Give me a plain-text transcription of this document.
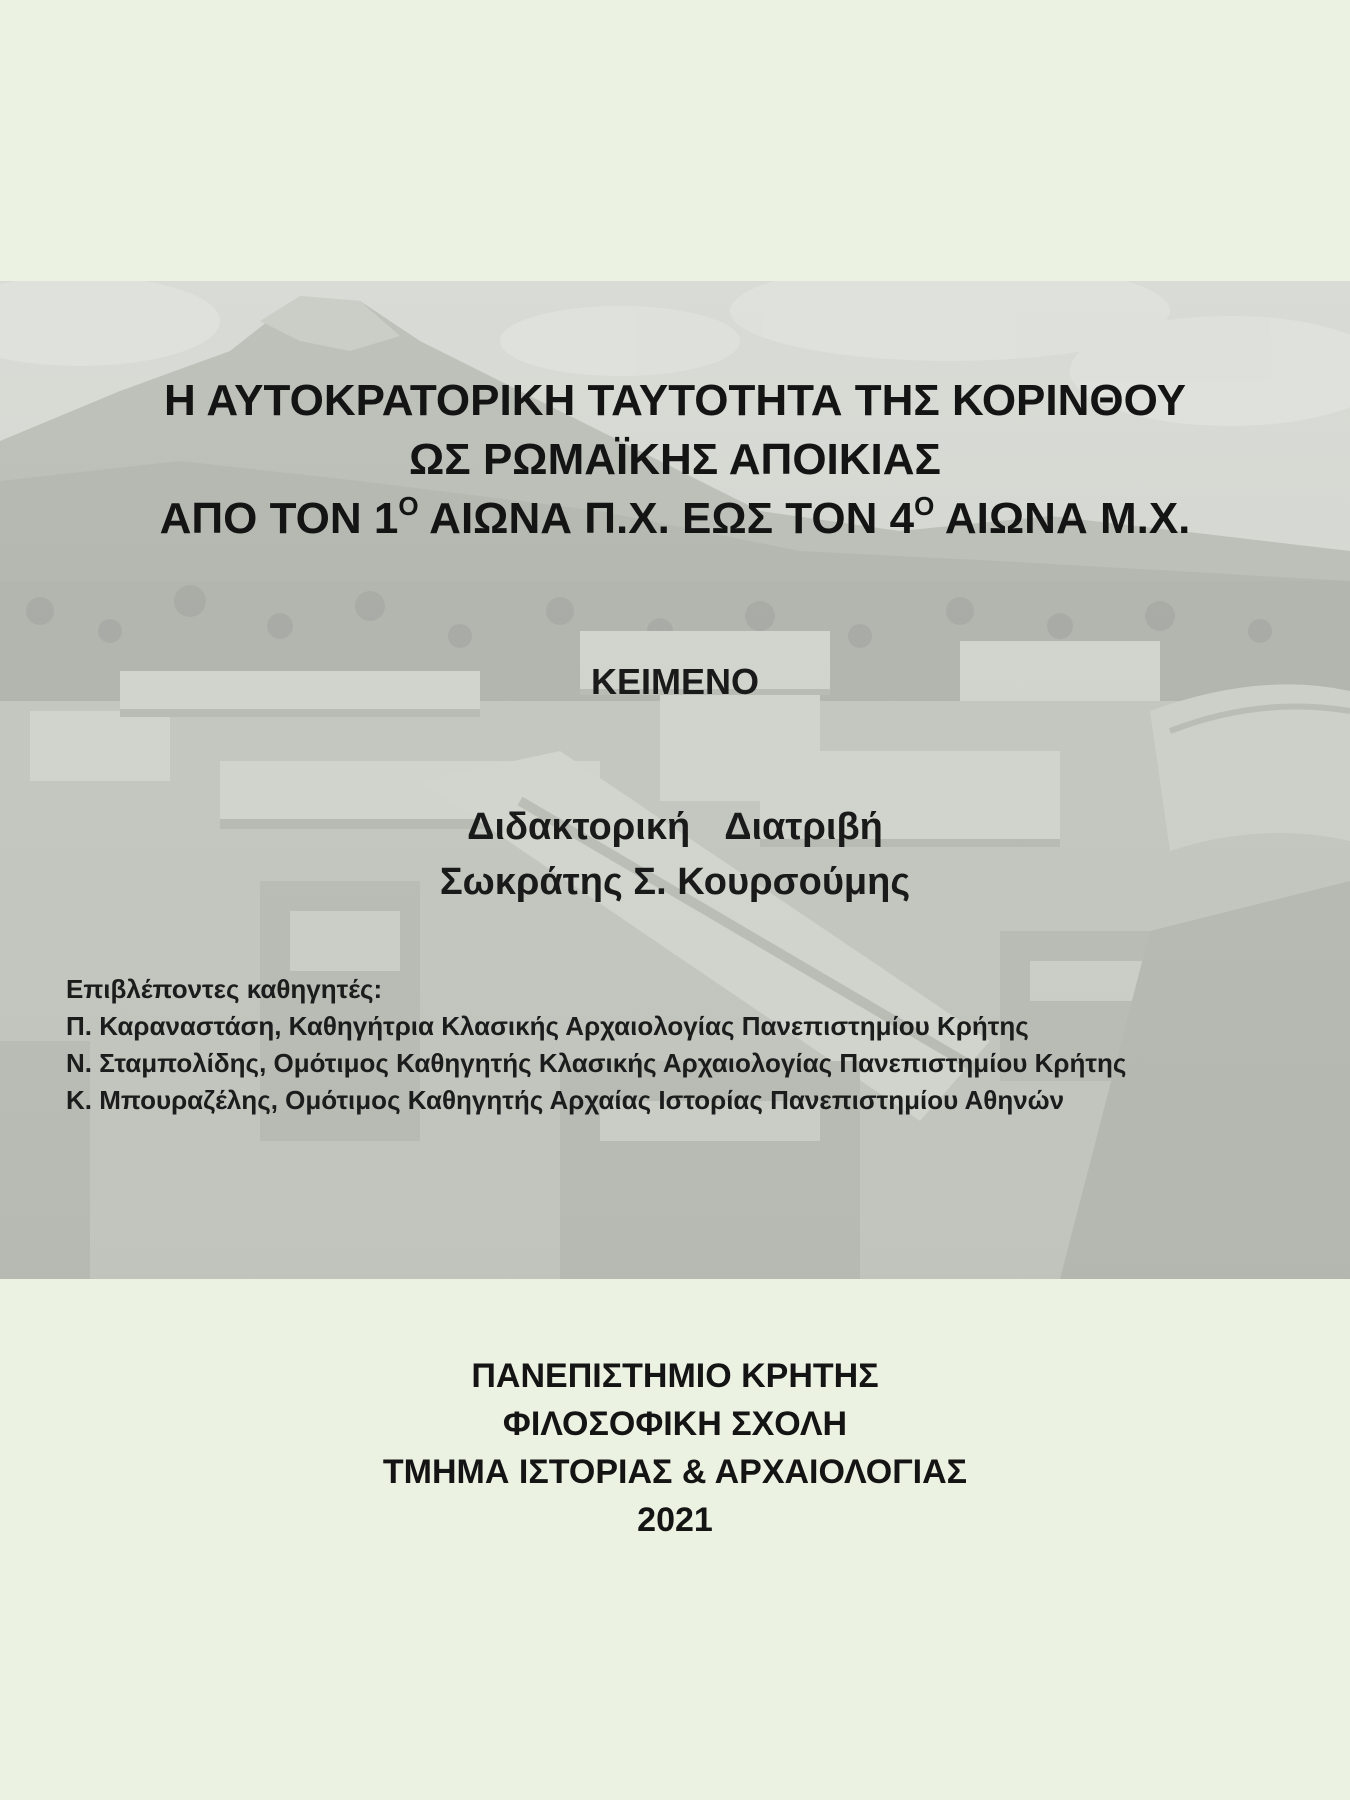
Η ΑΥΤΟΚΡΑΤΟΡΙΚΗ ΤΑΥΤΟΤΗΤΑ ΤΗΣ ΚΟΡΙΝΘΟΥ
ΩΣ ΡΩΜΑΪΚΗΣ ΑΠΟΙΚΙΑΣ
ΑΠΟ ΤΟΝ $1^O$ ΑΙΩΝΑ Π.Χ. ΕΩΣ ΤΟΝ $4^O$ ΑΙΩΝΑ Μ.Χ.
ΚΕΙΜΕΝΟ
Διδακτορική Διατριβή
Σωκράτης Σ. Κουρσούμης
Επιβλέποντες καθηγητές:
Π. Καραναστάση, Καθηγήτρια Κλασικής Αρχαιολογίας Πανεπιστημίου Κρήτης
Ν. Σταμπολίδης, Ομότιμος Καθηγητής Κλασικής Αρχαιολογίας Πανεπιστημίου Κρήτης
Κ. Μπουραζέλης, Ομότιμος Καθηγητής Αρχαίας Ιστορίας Πανεπιστημίου Αθηνών
ΠΑΝΕΠΙΣΤΗΜΙΟ ΚΡΗΤΗΣ
ΦΙΛΟΣΟΦΙΚΗ ΣΧΟΛΗ
ΤΜΗΜΑ ΙΣΤΟΡΙΑΣ & ΑΡΧΑΙΟΛΟΓΙΑΣ
2021
